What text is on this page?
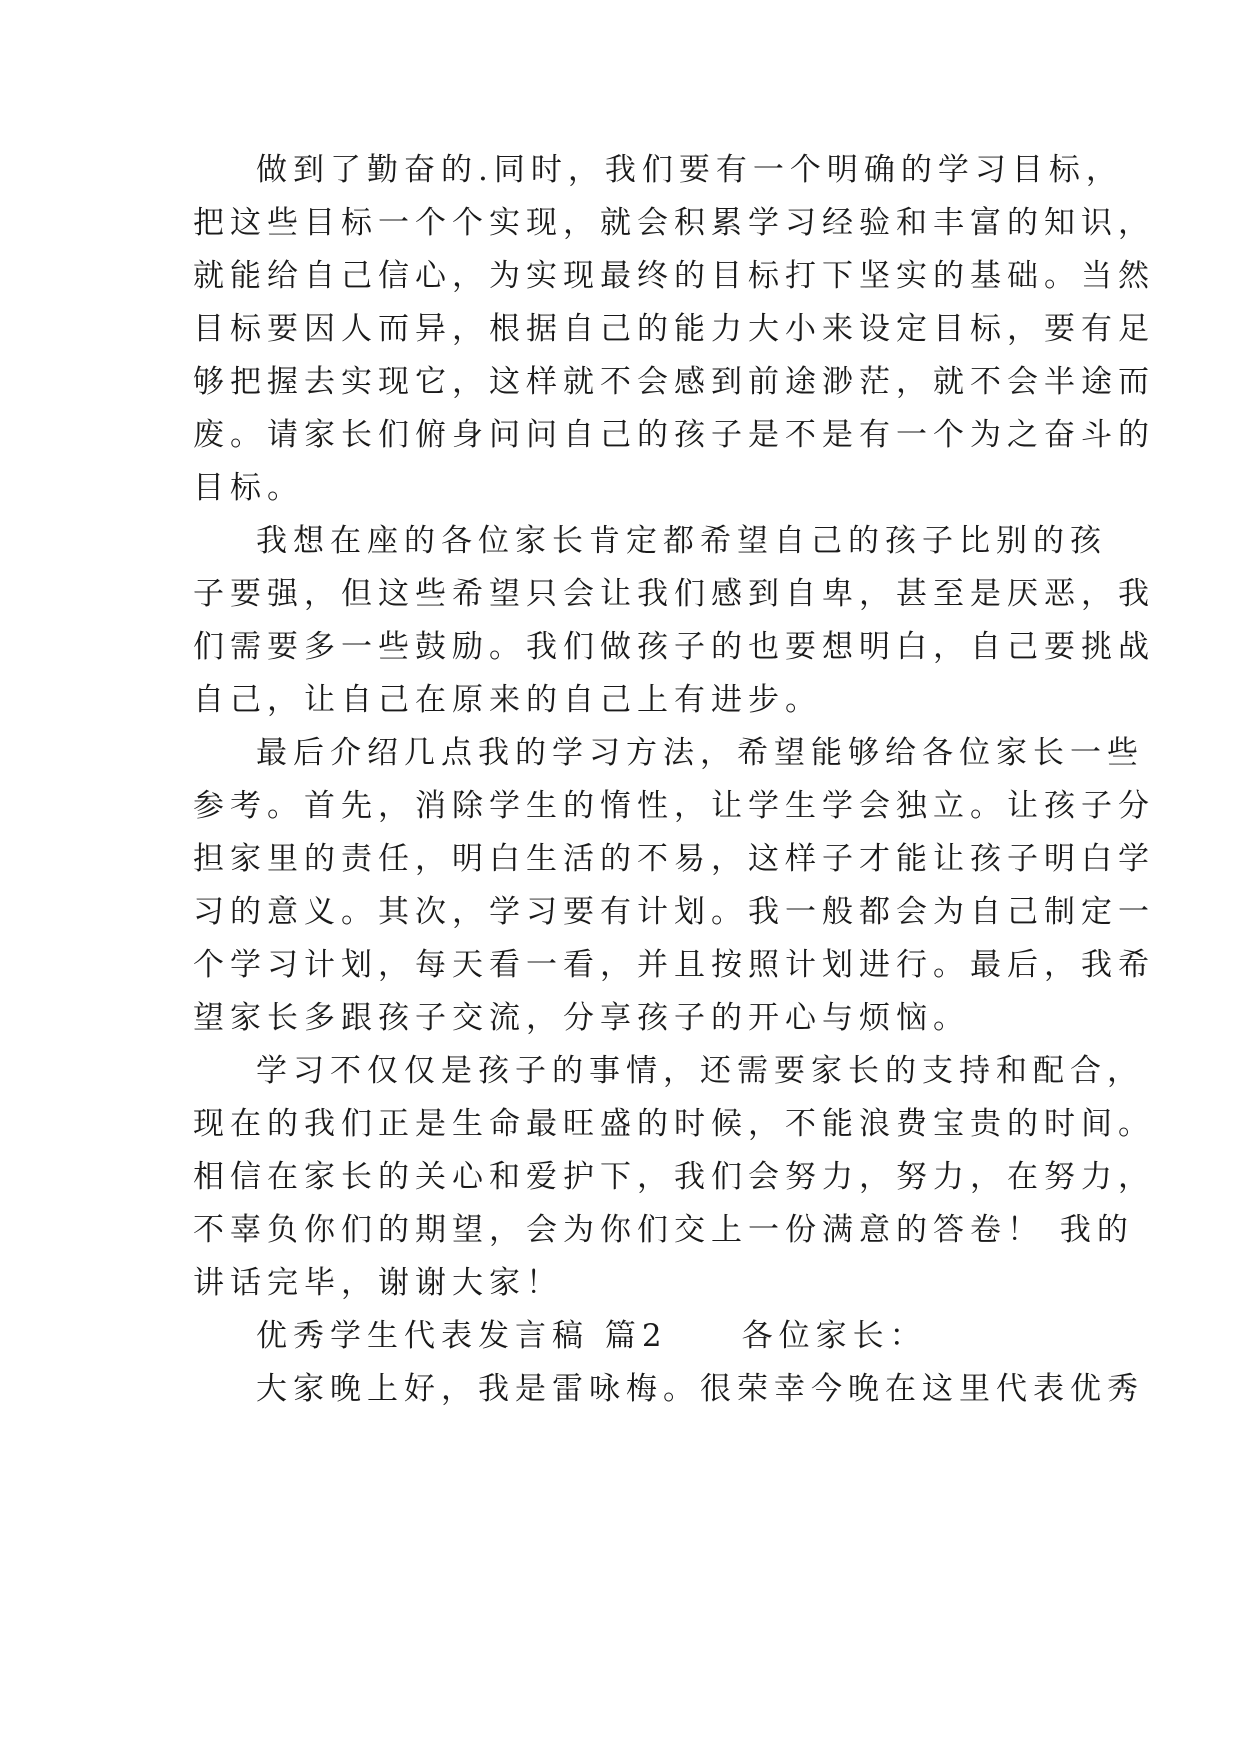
做到了勤奋的.同时，我们要有一个明确的学习目标，
把这些目标一个个实现，就会积累学习经验和丰富的知识，
就能给自己信心，为实现最终的目标打下坚实的基础。当然
目标要因人而异，根据自己的能力大小来设定目标，要有足
够把握去实现它，这样就不会感到前途渺茫，就不会半途而
废。请家长们俯身问问自己的孩子是不是有一个为之奋斗的
目标。
我想在座的各位家长肯定都希望自己的孩子比别的孩
子要强，但这些希望只会让我们感到自卑，甚至是厌恶，我
们需要多一些鼓励。我们做孩子的也要想明白，自己要挑战
自己，让自己在原来的自己上有进步。
最后介绍几点我的学习方法，希望能够给各位家长一些
参考。首先，消除学生的惰性，让学生学会独立。让孩子分
担家里的责任，明白生活的不易，这样子才能让孩子明白学
习的意义。其次，学习要有计划。我一般都会为自己制定一
个学习计划，每天看一看，并且按照计划进行。最后，我希
望家长多跟孩子交流，分享孩子的开心与烦恼。
学习不仅仅是孩子的事情，还需要家长的支持和配合，
现在的我们正是生命最旺盛的时候，不能浪费宝贵的时间。
相信在家长的关心和爱护下，我们会努力，努力，在努力，
不辜负你们的期望，会为你们交上一份满意的答卷！ 我的
讲话完毕，谢谢大家！
优秀学生代表发言稿 篇2　　各位家长：
大家晚上好，我是雷咏梅。很荣幸今晚在这里代表优秀
